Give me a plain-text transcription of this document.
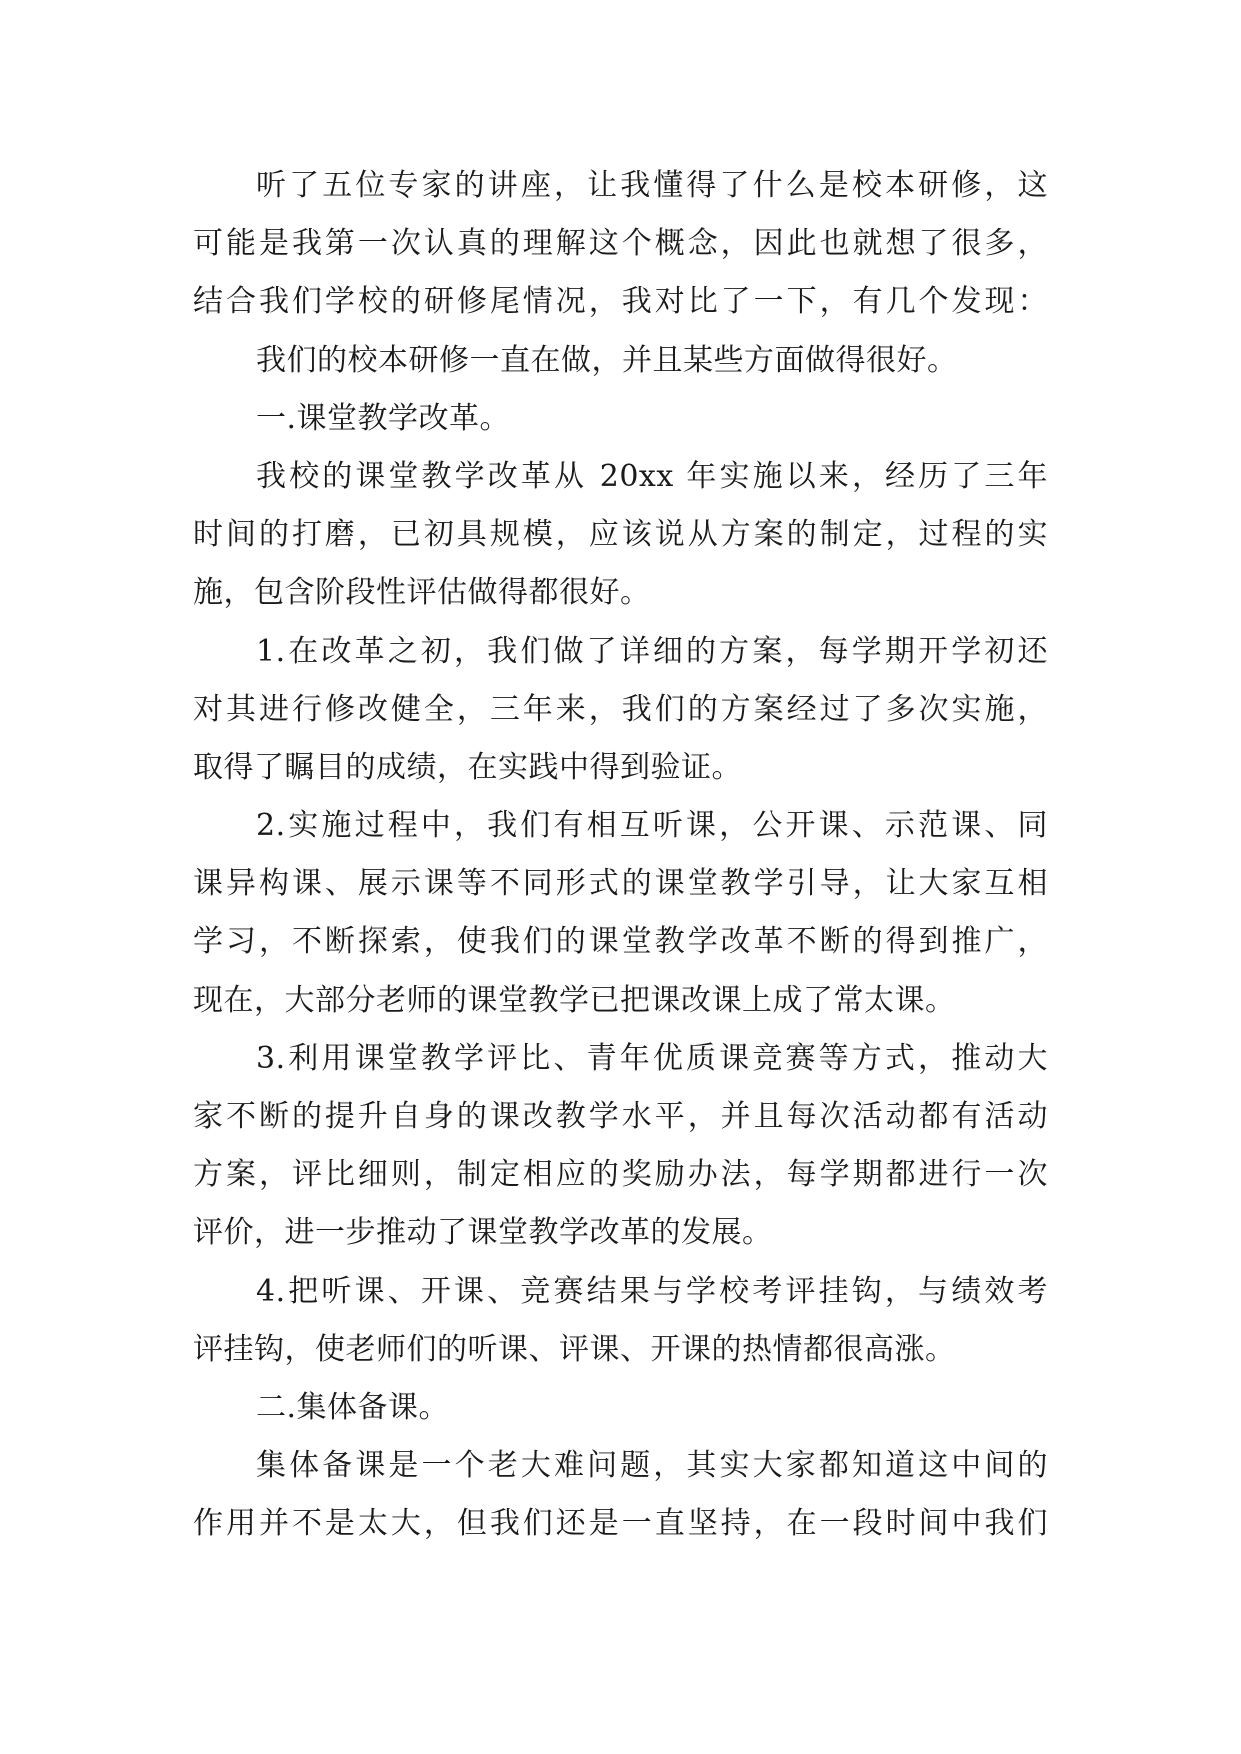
听了五位专家的讲座，让我懂得了什么是校本研修，这
可能是我第一次认真的理解这个概念，因此也就想了很多，
结合我们学校的研修尾情况，我对比了一下，有几个发现：
我们的校本研修一直在做，并且某些方面做得很好。
一.课堂教学改革。
我校的课堂教学改革从 20xx 年实施以来，经历了三年
时间的打磨，已初具规模，应该说从方案的制定，过程的实
施，包含阶段性评估做得都很好。
1.在改革之初，我们做了详细的方案，每学期开学初还
对其进行修改健全，三年来，我们的方案经过了多次实施，
取得了瞩目的成绩，在实践中得到验证。
2.实施过程中，我们有相互听课，公开课、示范课、同
课异构课、展示课等不同形式的课堂教学引导，让大家互相
学习，不断探索，使我们的课堂教学改革不断的得到推广，
现在，大部分老师的课堂教学已把课改课上成了常太课。
3.利用课堂教学评比、青年优质课竞赛等方式，推动大
家不断的提升自身的课改教学水平，并且每次活动都有活动
方案，评比细则，制定相应的奖励办法，每学期都进行一次
评价，进一步推动了课堂教学改革的发展。
4.把听课、开课、竞赛结果与学校考评挂钩，与绩效考
评挂钩，使老师们的听课、评课、开课的热情都很高涨。
二.集体备课。
集体备课是一个老大难问题，其实大家都知道这中间的
作用并不是太大，但我们还是一直坚持，在一段时间中我们
